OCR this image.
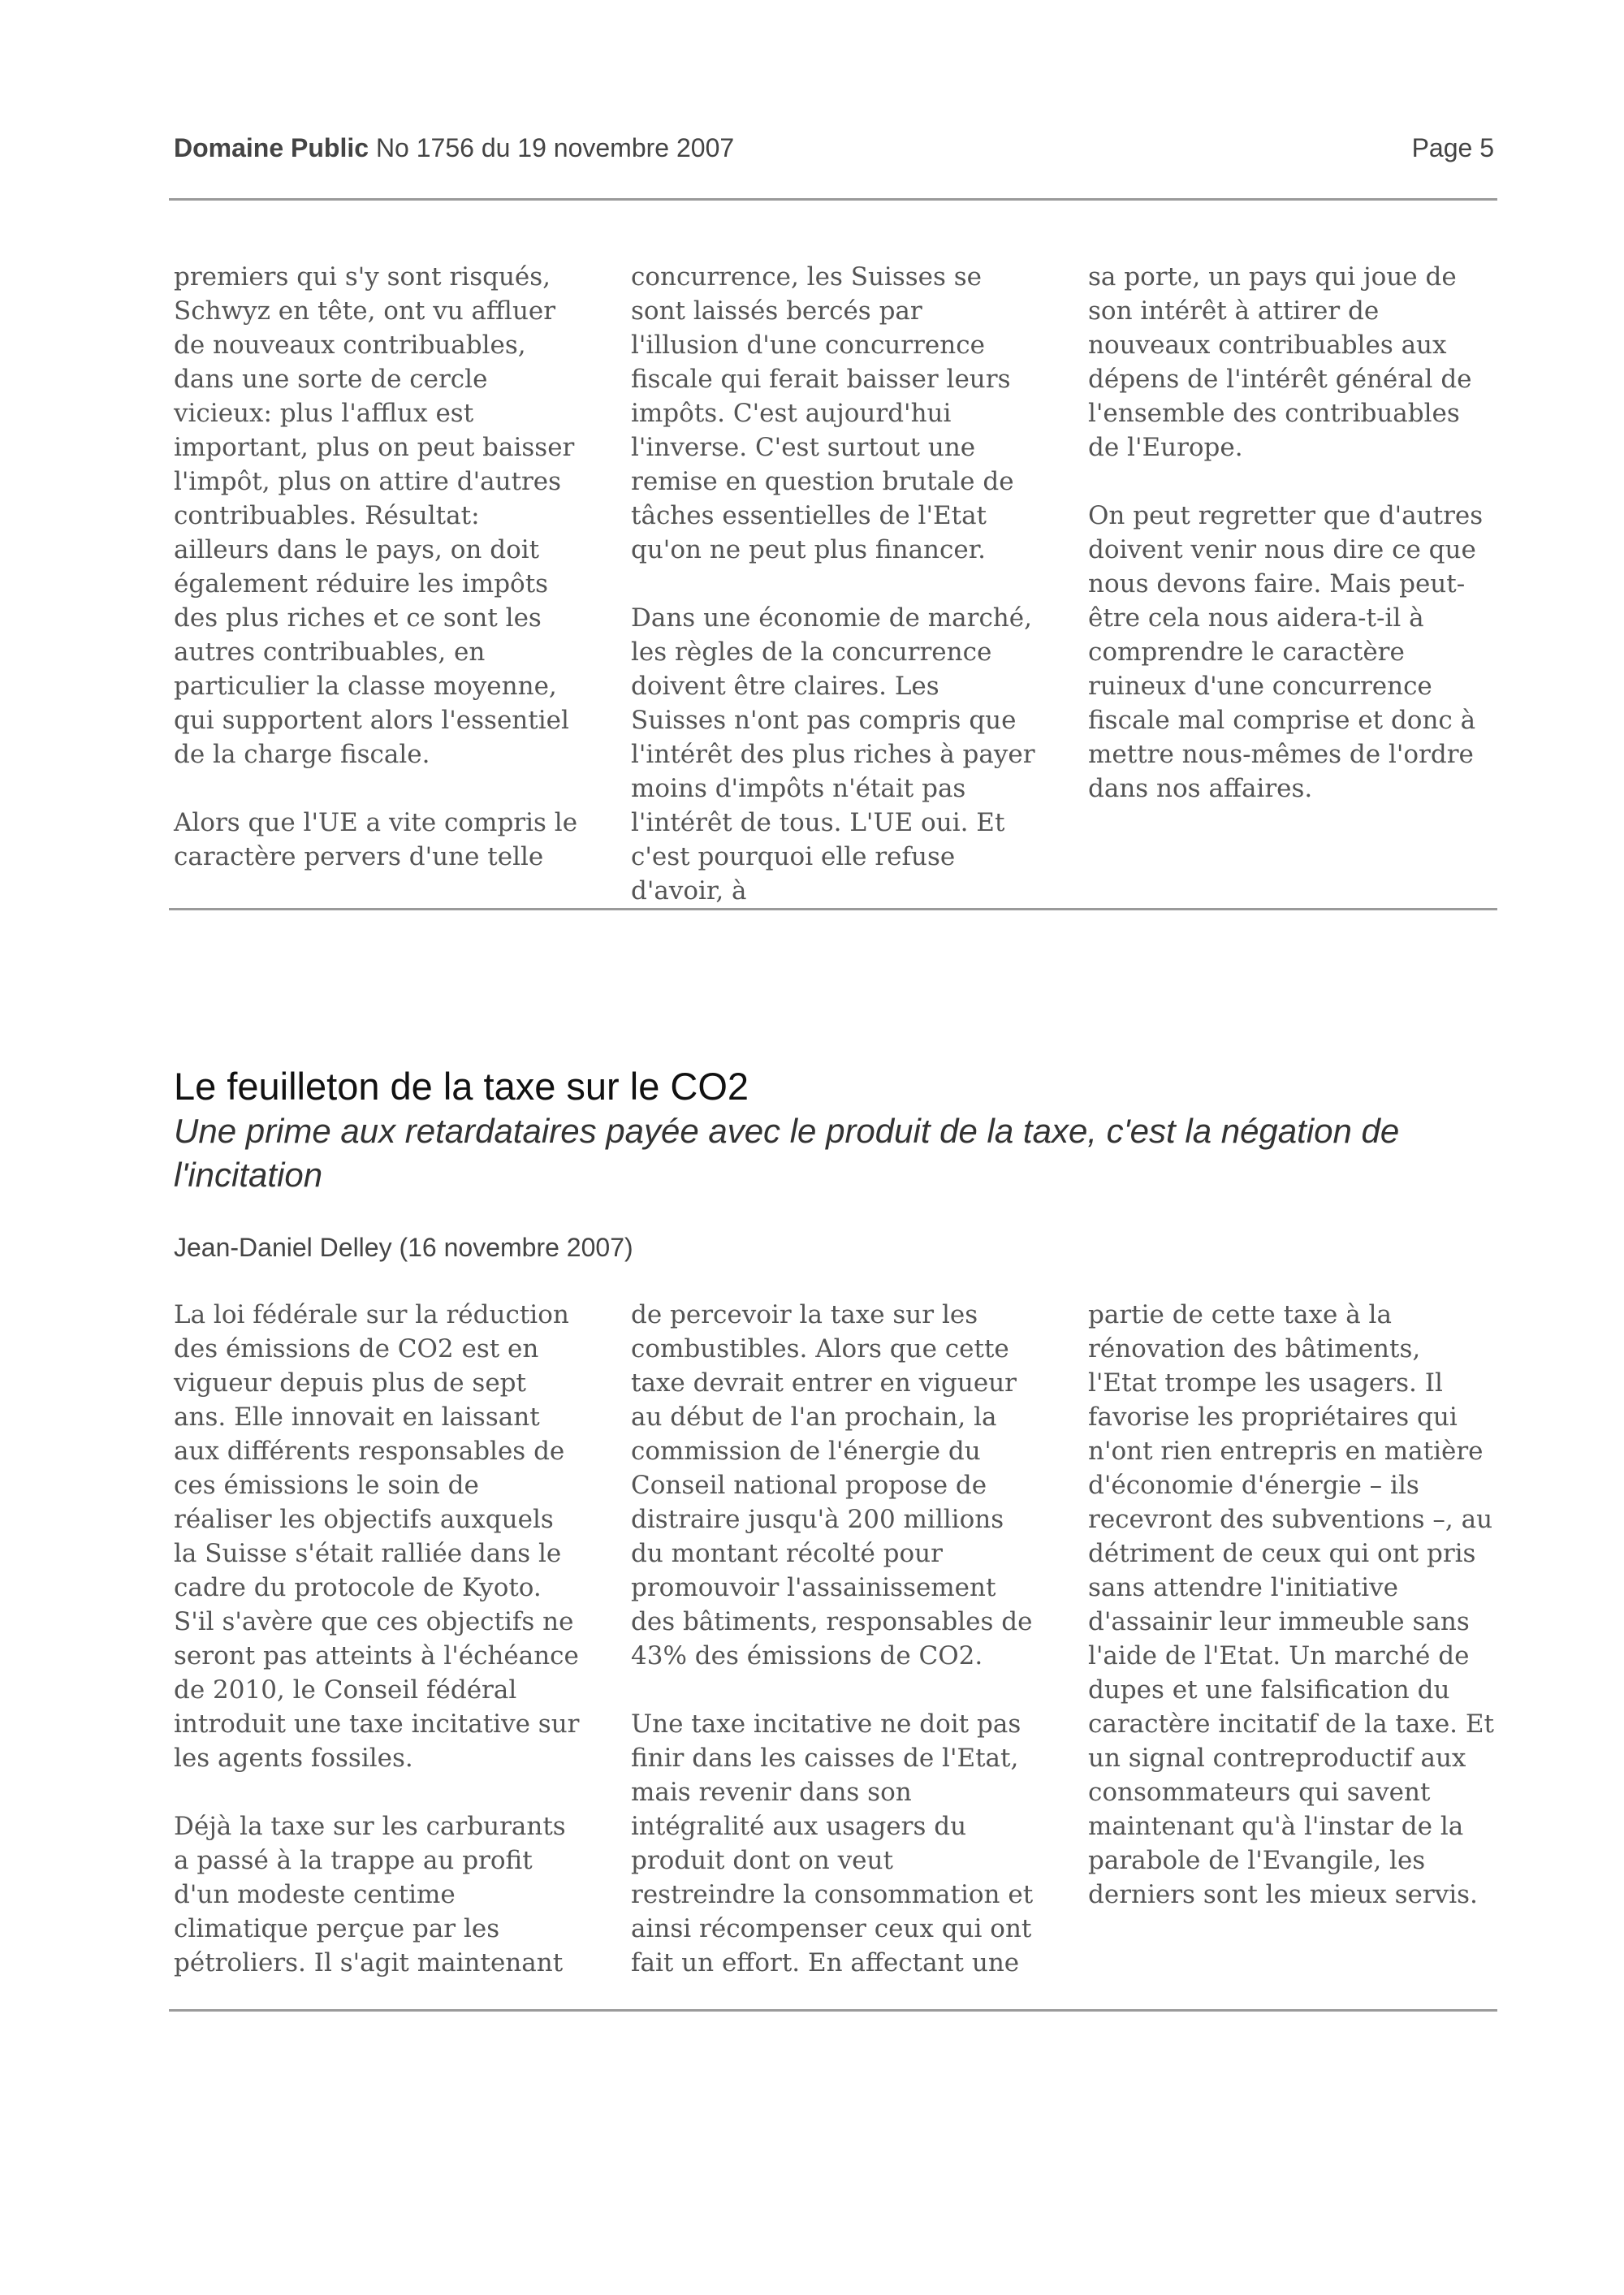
Domaine Public No 1756 du 19 novembre 2007	Page 5

premiers qui s'y sont risqués, Schwyz en tête, ont vu affluer de nouveaux contribuables, dans une sorte de cercle vicieux: plus l'afflux est important, plus on peut baisser l'impôt, plus on attire d'autres contribuables. Résultat: ailleurs dans le pays, on doit également réduire les impôts des plus riches et ce sont les autres contribuables, en particulier la classe moyenne, qui supportent alors l'essentiel de la charge fiscale.

Alors que l'UE a vite compris le caractère pervers d'une telle

concurrence, les Suisses se sont laissés bercés par l'illusion d'une concurrence fiscale qui ferait baisser leurs impôts. C'est aujourd'hui l'inverse. C'est surtout une remise en question brutale de tâches essentielles de l'Etat qu'on ne peut plus financer.

Dans une économie de marché, les règles de la concurrence doivent être claires. Les Suisses n'ont pas compris que l'intérêt des plus riches à payer moins d'impôts n'était pas l'intérêt de tous. L'UE oui. Et c'est pourquoi elle refuse d'avoir, à

sa porte, un pays qui joue de son intérêt à attirer de nouveaux contribuables aux dépens de l'intérêt général de l'ensemble des contribuables de l'Europe.

On peut regretter que d'autres doivent venir nous dire ce que nous devons faire. Mais peut-être cela nous aidera-t-il à comprendre le caractère ruineux d'une concurrence fiscale mal comprise et donc à mettre nous-mêmes de l'ordre dans nos affaires.

Le feuilleton de la taxe sur le CO2

Une prime aux retardataires payée avec le produit de la taxe, c'est la négation de l'incitation

Jean-Daniel Delley (16 novembre 2007)

La loi fédérale sur la réduction des émissions de CO2 est en vigueur depuis plus de sept ans. Elle innovait en laissant aux différents responsables de ces émissions le soin de réaliser les objectifs auxquels la Suisse s'était ralliée dans le cadre du protocole de Kyoto. S'il s'avère que ces objectifs ne seront pas atteints à l'échéance de 2010, le Conseil fédéral introduit une taxe incitative sur les agents fossiles.

Déjà la taxe sur les carburants a passé à la trappe au profit d'un modeste centime climatique perçue par les pétroliers. Il s'agit maintenant

de percevoir la taxe sur les combustibles. Alors que cette taxe devrait entrer en vigueur au début de l'an prochain, la commission de l'énergie du Conseil national propose de distraire jusqu'à 200 millions du montant récolté pour promouvoir l'assainissement des bâtiments, responsables de 43% des émissions de CO2.

Une taxe incitative ne doit pas finir dans les caisses de l'Etat, mais revenir dans son intégralité aux usagers du produit dont on veut restreindre la consommation et ainsi récompenser ceux qui ont fait un effort. En affectant une

partie de cette taxe à la rénovation des bâtiments, l'Etat trompe les usagers. Il favorise les propriétaires qui n'ont rien entrepris en matière d'économie d'énergie – ils recevront des subventions –, au détriment de ceux qui ont pris sans attendre l'initiative d'assainir leur immeuble sans l'aide de l'Etat. Un marché de dupes et une falsification du caractère incitatif de la taxe. Et un signal contreproductif aux consommateurs qui savent maintenant qu'à l'instar de la parabole de l'Evangile, les derniers sont les mieux servis.
